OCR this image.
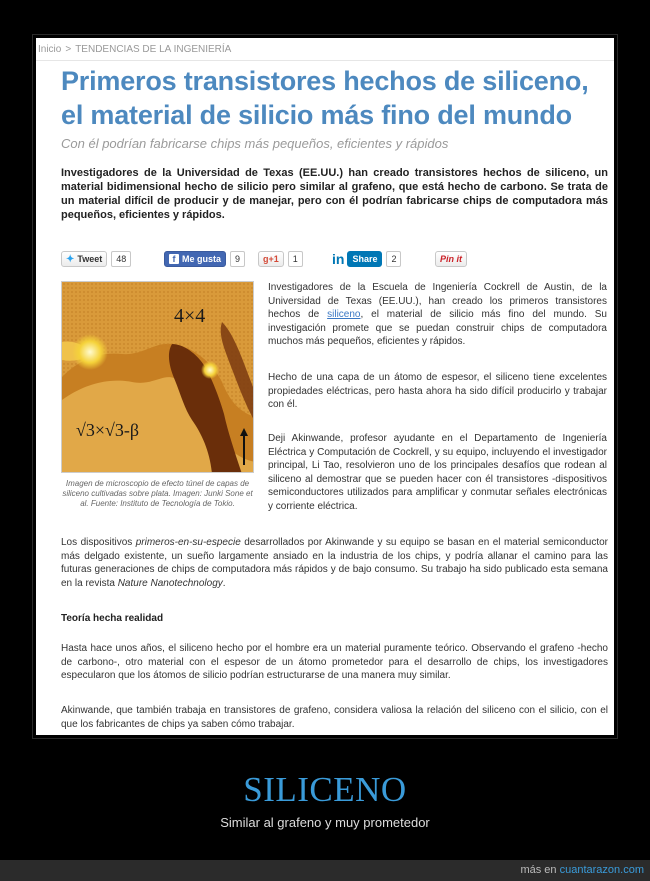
Inicio > TENDENCIAS DE LA INGENIERÍA
Primeros transistores hechos de siliceno, el material de silicio más fino del mundo
Con él podrían fabricarse chips más pequeños, eficientes y rápidos

Investigadores de la Universidad de Texas (EE.UU.) han creado transistores hechos de siliceno, un material bidimensional hecho de silicio pero similar al grafeno, que está hecho de carbono. Se trata de un material difícil de producir y de manejar, pero con él podrían fabricarse chips de computadora más pequeños, eficientes y rápidos.

✦ Tweet	48	f Me gusta	9	g+1	1	in Share	2	Pin it
4×4
√3×√3-β
Imagen de microscopio de efecto túnel de capas de siliceno cultivadas sobre plata. Imagen: Junki Sone et al. Fuente: Instituto de Tecnología de Tokio.

Investigadores de la Escuela de Ingeniería Cockrell de Austin, de la Universidad de Texas (EE.UU.), han creado los primeros transistores hechos de siliceno, el material de silicio más fino del mundo. Su investigación promete que se puedan construir chips de computadora muchos más pequeños, eficientes y rápidos.

Hecho de una capa de un átomo de espesor, el siliceno tiene excelentes propiedades eléctricas, pero hasta ahora ha sido difícil producirlo y trabajar con él.

Deji Akinwande, profesor ayudante en el Departamento de Ingeniería Eléctrica y Computación de Cockrell, y su equipo, incluyendo el investigador principal, Li Tao, resolvieron uno de los principales desafíos que rodean al siliceno al demostrar que se pueden hacer con él transistores -dispositivos semiconductores utilizados para amplificar y conmutar señales electrónicas y corriente eléctrica.

Los dispositivos primeros-en-su-especie desarrollados por Akinwande y su equipo se basan en el material semiconductor más delgado existente, un sueño largamente ansiado en la industria de los chips, y podría allanar el camino para las futuras generaciones de chips de computadora más rápidos y de bajo consumo. Su trabajo ha sido publicado esta semana en la revista Nature Nanotechnology.

Teoría hecha realidad

Hasta hace unos años, el siliceno hecho por el hombre era un material puramente teórico. Observando el grafeno -hecho de carbono-, otro material con el espesor de un átomo prometedor para el desarrollo de chips, los investigadores especularon que los átomos de silicio podrían estructurarse de una manera muy similar.

Akinwande, que también trabaja en transistores de grafeno, considera valiosa la relación del siliceno con el silicio, con el que los fabricantes de chips ya saben cómo trabajar.

SILICENO
Similar al grafeno y muy prometedor
más en cuantarazon.com
